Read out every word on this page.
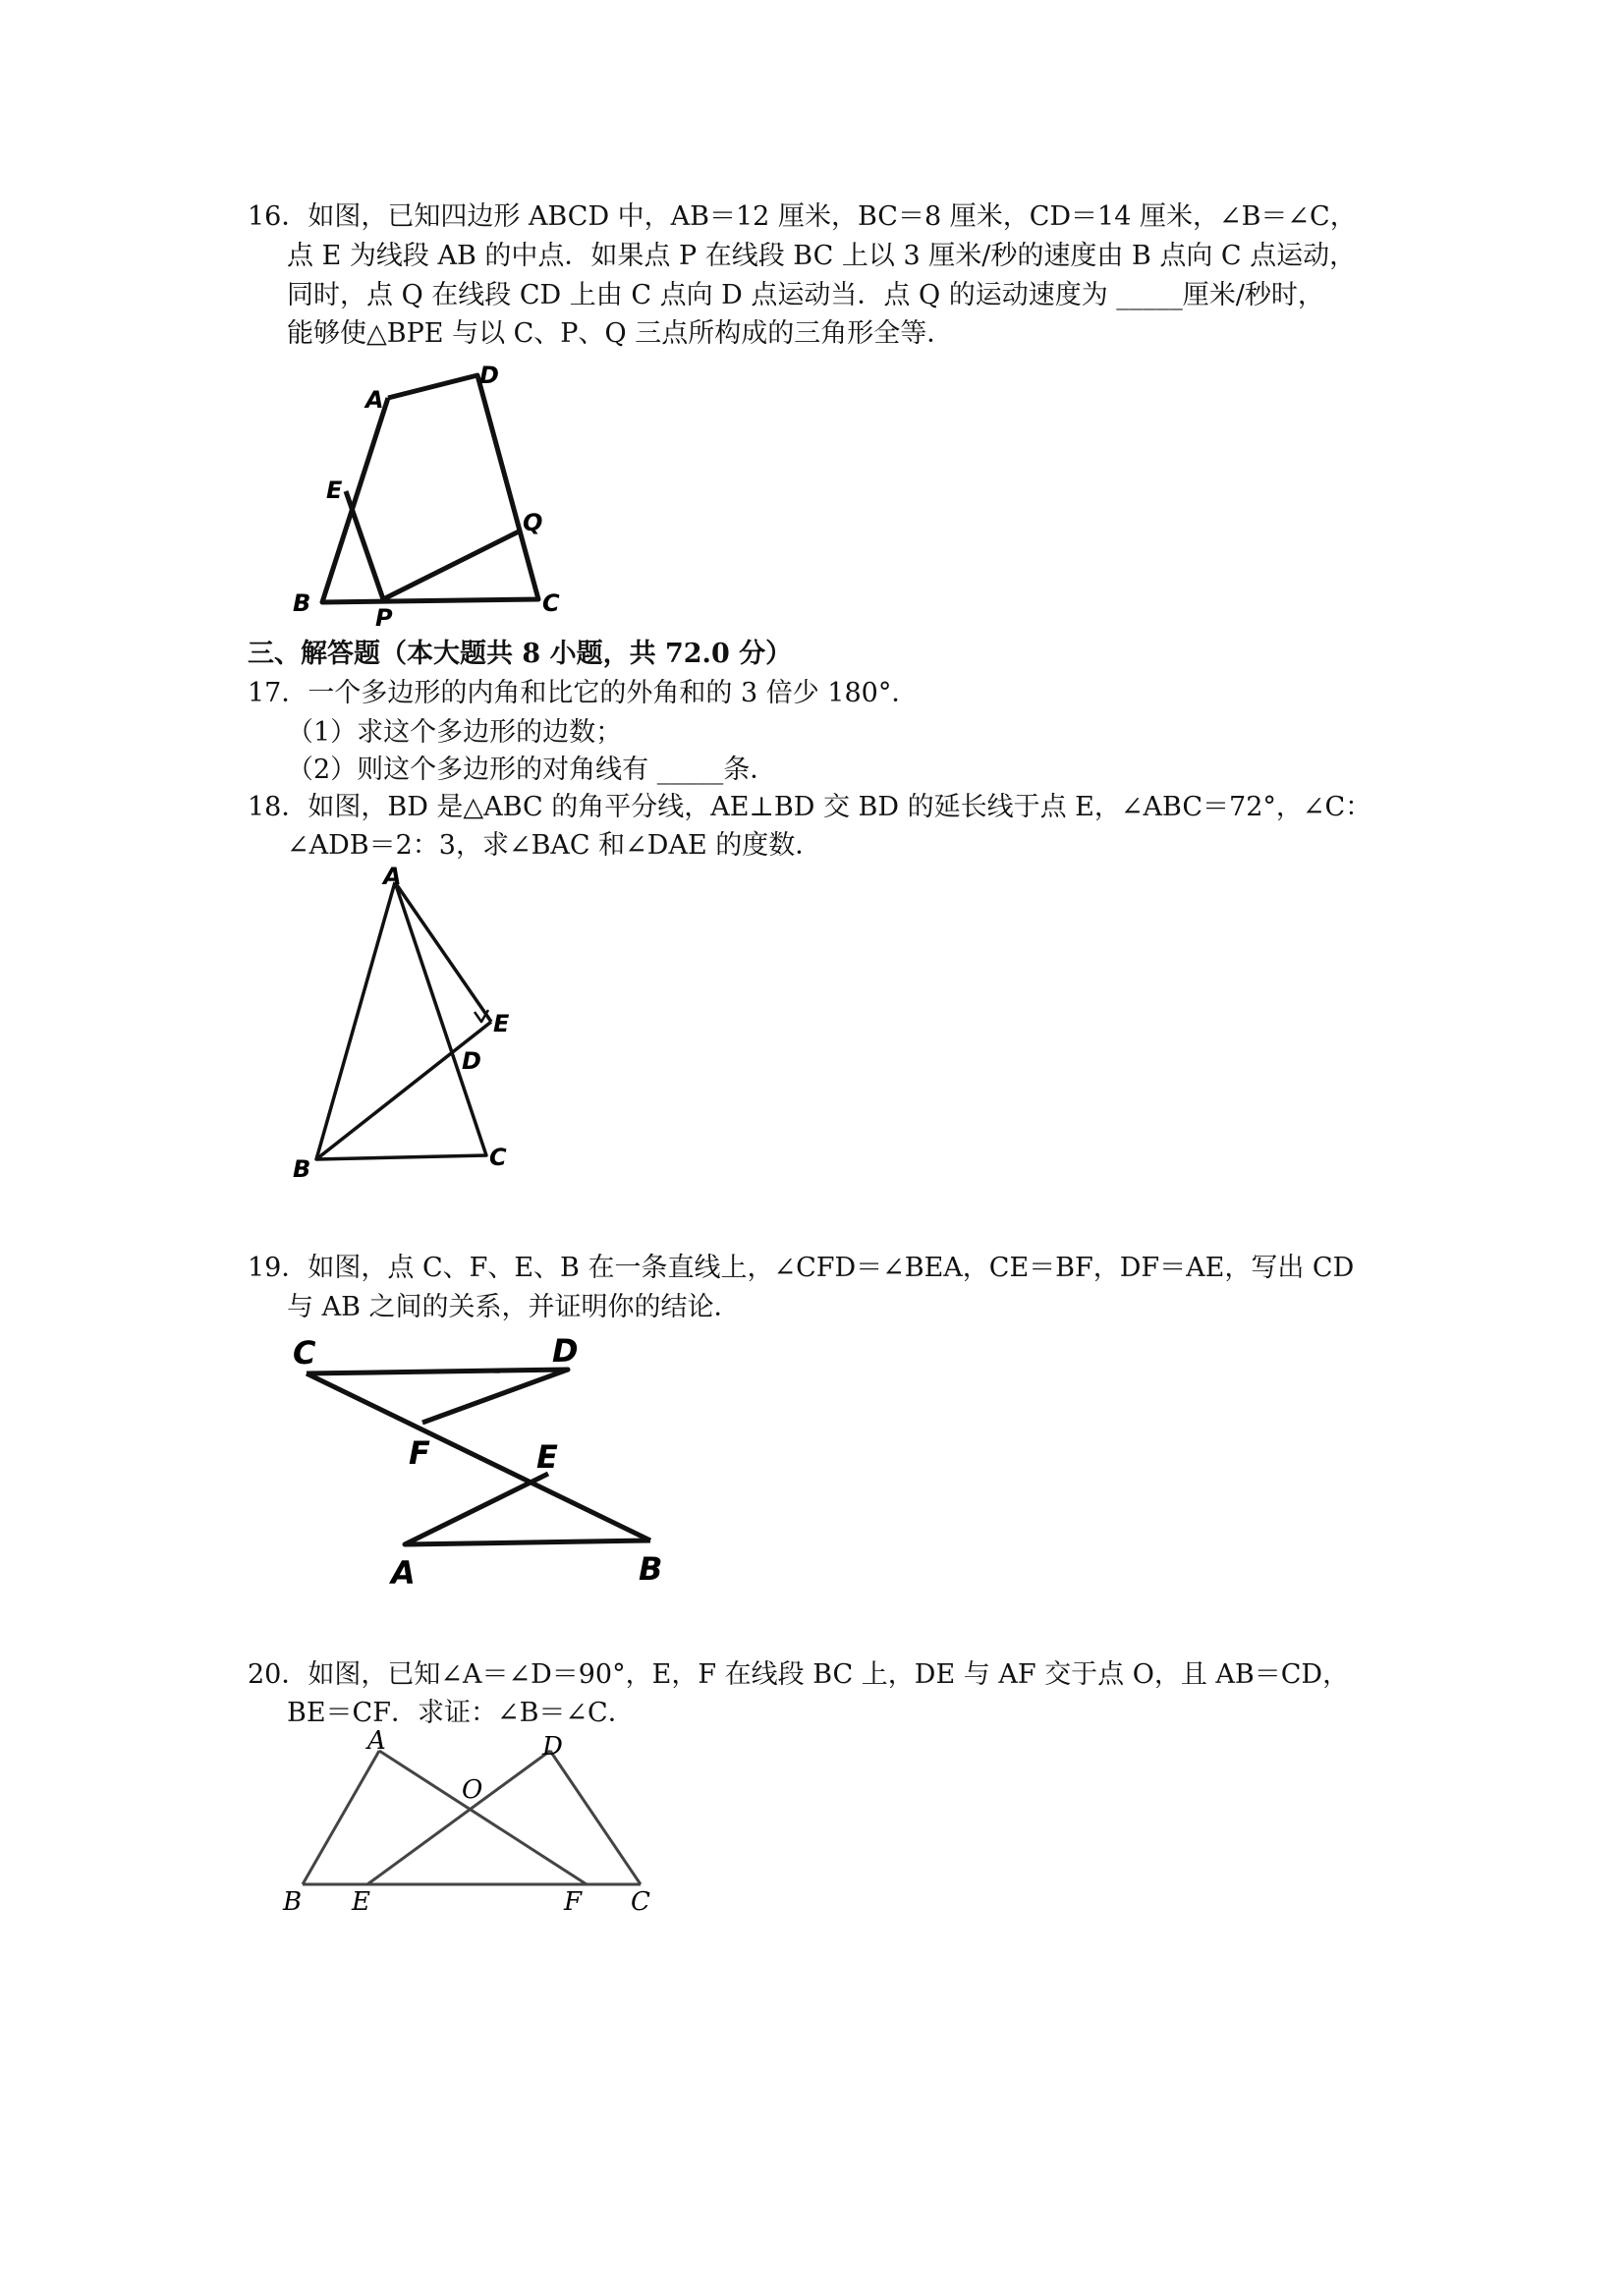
16．如图，已知四边形 ABCD 中，AB＝12 厘米，BC＝8 厘米，CD＝14 厘米，∠B＝∠C，
点 E 为线段 AB 的中点．如果点 P 在线段 BC 上以 3 厘米/秒的速度由 B 点向 C 点运动，
同时，点 Q 在线段 CD 上由 C 点向 D 点运动当．点 Q 的运动速度为 _____厘米/秒时，
能够使△BPE 与以 C、P、Q 三点所构成的三角形全等．
A
D
E
Q
B
P
C
三、解答题（本大题共 8 小题，共 72.0 分）
17．一个多边形的内角和比它的外角和的 3 倍少 180°．
（1）求这个多边形的边数；
（2）则这个多边形的对角线有 _____条．
18．如图，BD 是△ABC 的角平分线，AE⊥BD 交 BD 的延长线于点 E，∠ABC＝72°，∠C：
∠ADB＝2：3，求∠BAC 和∠DAE 的度数．
A
E
D
B	C
19．如图，点 C、F、E、B 在一条直线上，∠CFD＝∠BEA，CE＝BF，DF＝AE，写出 CD
与 AB 之间的关系，并证明你的结论．
C	D
F	E
A	B
20．如图，已知∠A＝∠D＝90°，E，F 在线段 BC 上，DE 与 AF 交于点 O，且 AB＝CD，
BE＝CF．求证：∠B＝∠C．
A	D
O
B E	F C
